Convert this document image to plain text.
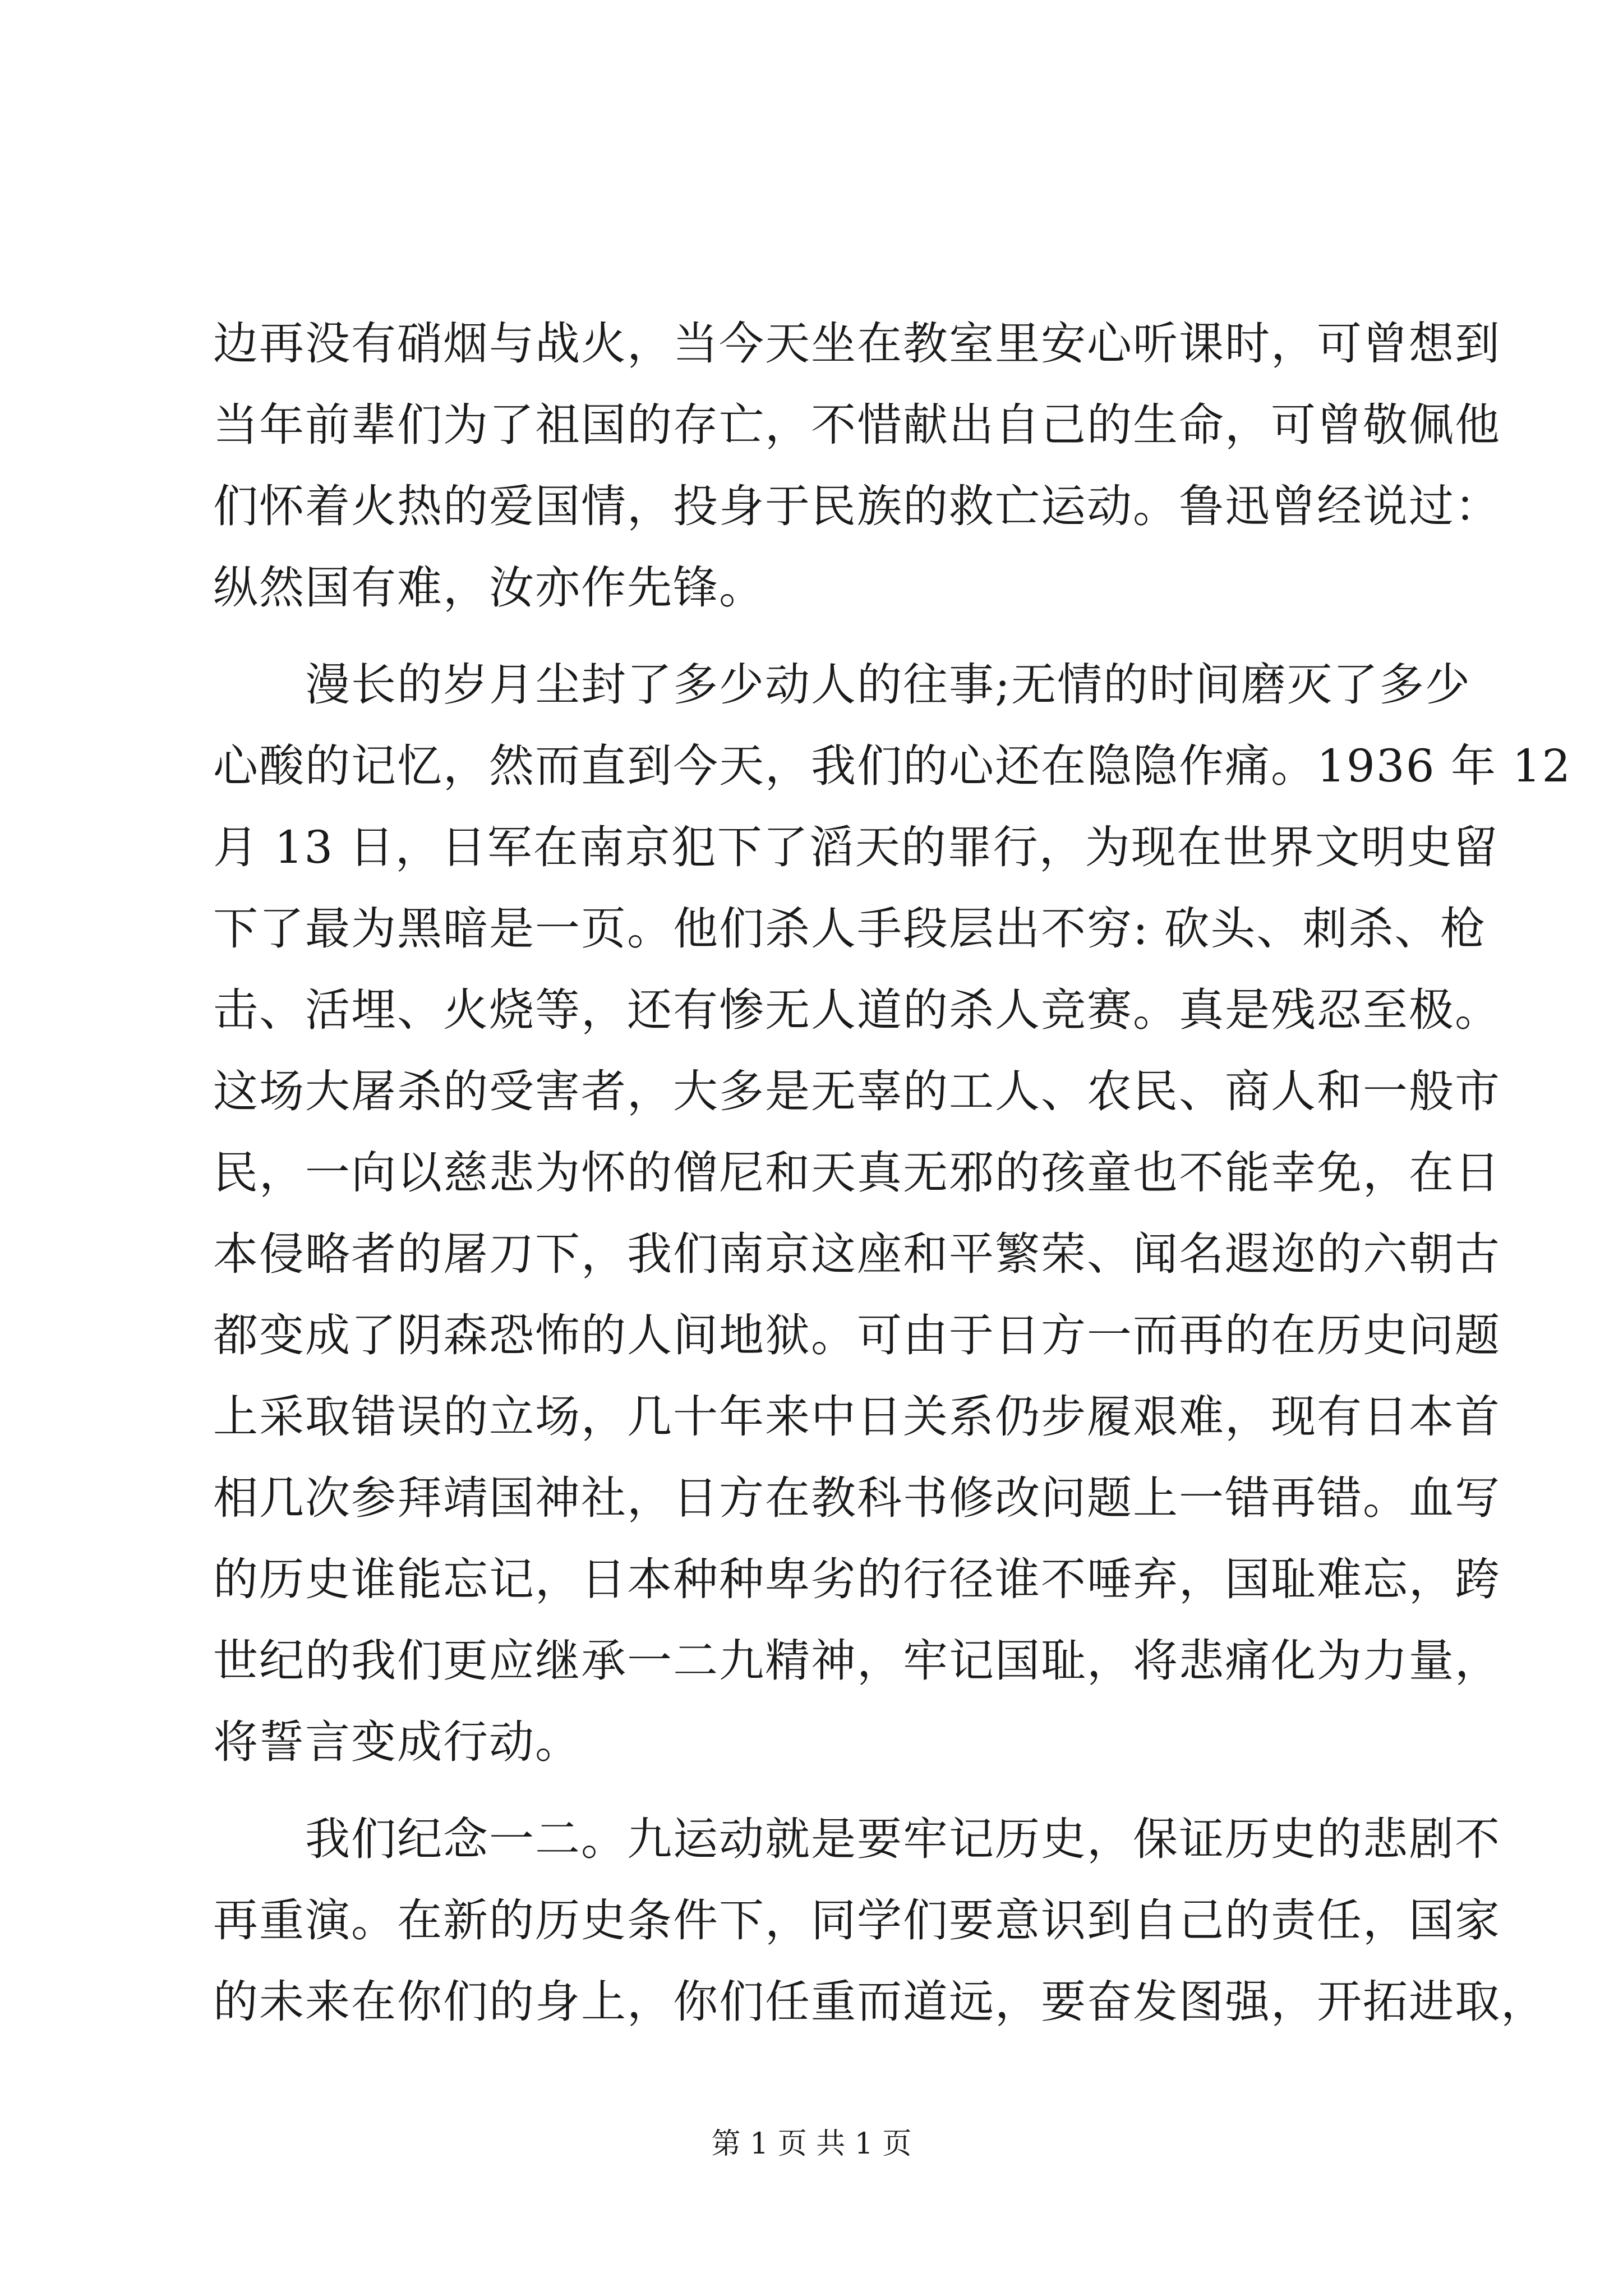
边再没有硝烟与战火，当今天坐在教室里安心听课时，可曾想到
当年前辈们为了祖国的存亡，不惜献出自己的生命，可曾敬佩他
们怀着火热的爱国情，投身于民族的救亡运动。鲁迅曾经说过：
纵然国有难，汝亦作先锋。
　　漫长的岁月尘封了多少动人的往事;无情的时间磨灭了多少
心酸的记忆，然而直到今天，我们的心还在隐隐作痛。1936 年 12
月 13 日，日军在南京犯下了滔天的罪行，为现在世界文明史留
下了最为黑暗是一页。他们杀人手段层出不穷: 砍头、刺杀、枪
击、活埋、火烧等，还有惨无人道的杀人竞赛。真是残忍至极。
这场大屠杀的受害者，大多是无辜的工人、农民、商人和一般市
民，一向以慈悲为怀的僧尼和天真无邪的孩童也不能幸免，在日
本侵略者的屠刀下，我们南京这座和平繁荣、闻名遐迩的六朝古
都变成了阴森恐怖的人间地狱。可由于日方一而再的在历史问题
上采取错误的立场，几十年来中日关系仍步履艰难，现有日本首
相几次参拜靖国神社，日方在教科书修改问题上一错再错。血写
的历史谁能忘记，日本种种卑劣的行径谁不唾弃，国耻难忘，跨
世纪的我们更应继承一二九精神，牢记国耻，将悲痛化为力量，
将誓言变成行动。
　　我们纪念一二。九运动就是要牢记历史，保证历史的悲剧不
再重演。在新的历史条件下，同学们要意识到自己的责任，国家
的未来在你们的身上，你们任重而道远，要奋发图强，开拓进取，
第 1 页 共 1 页
